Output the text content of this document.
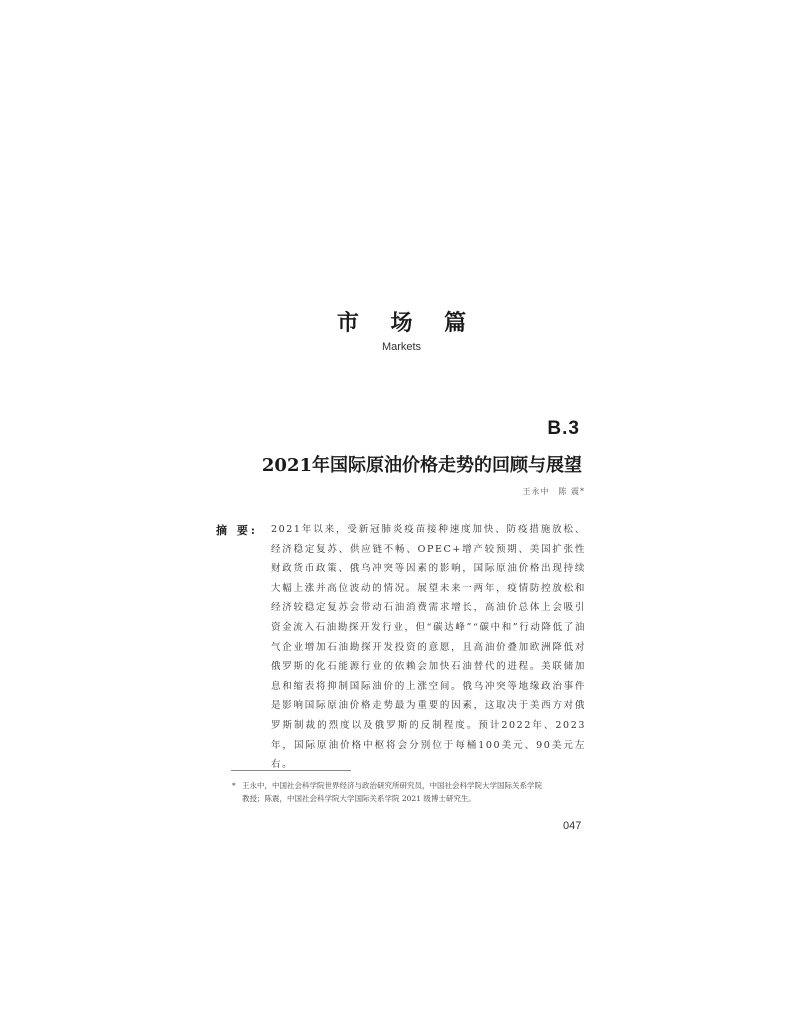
市 场 篇
Markets
B.3
2021年国际原油价格走势的回顾与展望
王永中　陈 震*
摘 要: 2021年以来，受新冠肺炎疫苗接种速度加快、防疫措施放松、经济稳定复苏、供应链不畅、OPEC+增产较预期、美国扩张性财政货币政策、俄乌冲突等因素的影响，国际原油价格出现持续大幅上涨并高位波动的情况。展望未来一两年，疫情防控放松和经济较稳定复苏会带动石油消费需求增长，高油价总体上会吸引资金流入石油勘探开发行业，但“碳达峰”“碳中和”行动降低了油气企业增加石油勘探开发投资的意愿，且高油价叠加欧洲降低对俄罗斯的化石能源行业的依赖会加快石油替代的进程。美联储加息和缩表将抑制国际油价的上涨空间。俄乌冲突等地缘政治事件是影响国际原油价格走势最为重要的因素，这取决于美西方对俄罗斯制裁的烈度以及俄罗斯的反制程度。预计2022年、2023年，国际原油价格中枢将会分别位于每桶100美元、90美元左右。
* 王永中，中国社会科学院世界经济与政治研究所研究员，中国社会科学院大学国际关系学院
教授；陈震，中国社会科学院大学国际关系学院 2021 级博士研究生。
047
